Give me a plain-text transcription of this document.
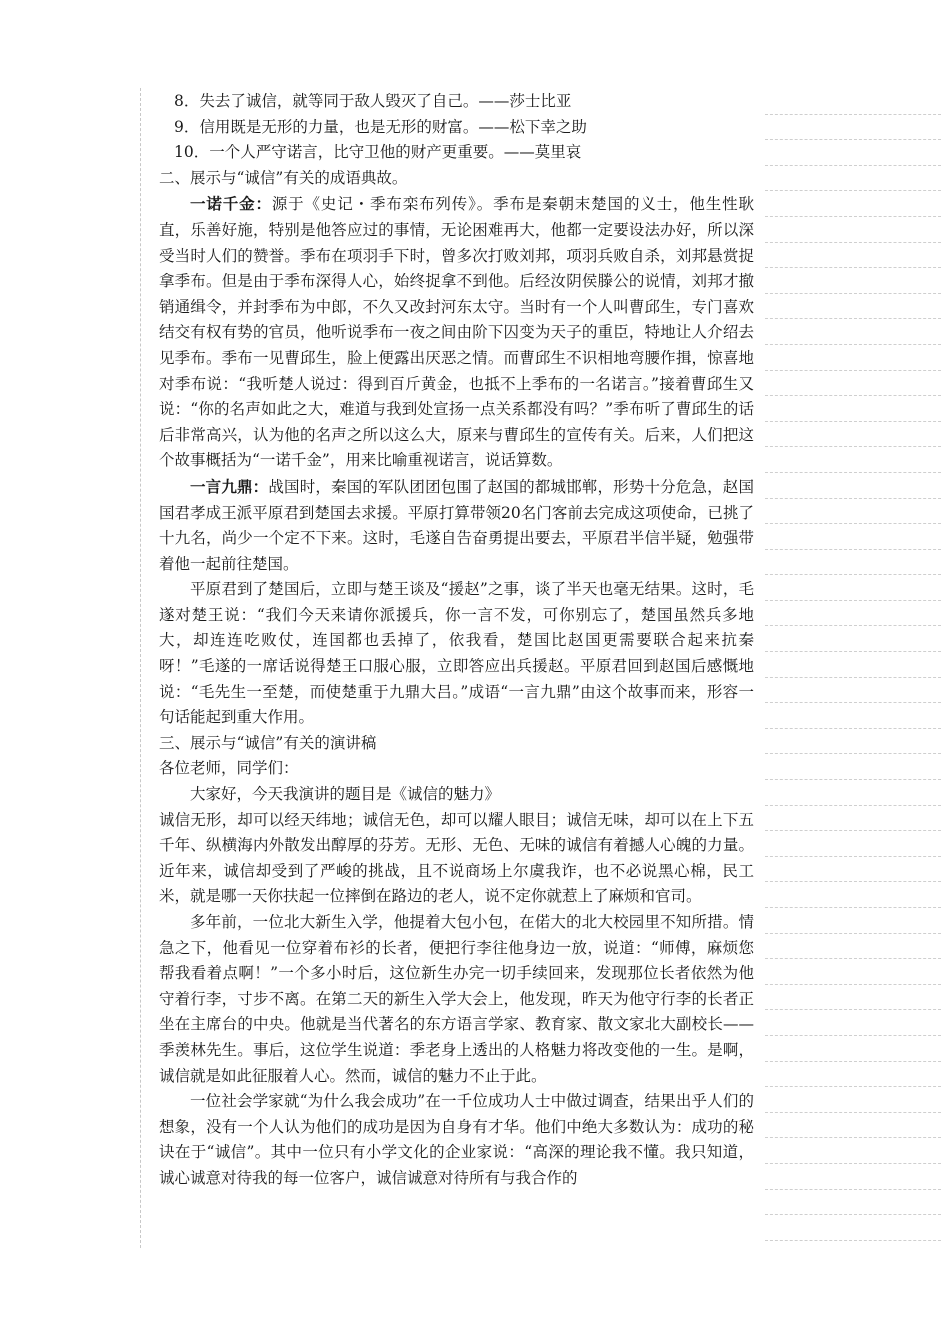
8．失去了诚信，就等同于敌人毁灭了自己。——莎士比亚

9．信用既是无形的力量，也是无形的财富。——松下幸之助

10．一个人严守诺言，比守卫他的财产更重要。——莫里哀

二、展示与“诚信”有关的成语典故。

一诺千金：源于《史记・季布栾布列传》。季布是秦朝末楚国的义士，他生性耿直，乐善好施，特别是他答应过的事情，无论困难再大，他都一定要设法办好，所以深受当时人们的赞誉。季布在项羽手下时，曾多次打败刘邦，项羽兵败自杀，刘邦悬赏捉拿季布。但是由于季布深得人心，始终捉拿不到他。后经汝阴侯滕公的说情，刘邦才撤销通缉令，并封季布为中郎，不久又改封河东太守。当时有一个人叫曹邱生，专门喜欢结交有权有势的官员，他听说季布一夜之间由阶下囚变为天子的重臣，特地让人介绍去见季布。季布一见曹邱生，脸上便露出厌恶之情。而曹邱生不识相地弯腰作揖，惊喜地对季布说：“我听楚人说过：得到百斤黄金，也抵不上季布的一名诺言。”接着曹邱生又说：“你的名声如此之大，难道与我到处宣扬一点关系都没有吗？”季布听了曹邱生的话后非常高兴，认为他的名声之所以这么大，原来与曹邱生的宣传有关。后来，人们把这个故事概括为“一诺千金”，用来比喻重视诺言，说话算数。

一言九鼎：战国时，秦国的军队团团包围了赵国的都城邯郸，形势十分危急，赵国国君孝成王派平原君到楚国去求援。平原打算带领20名门客前去完成这项使命，已挑了十九名，尚少一个定不下来。这时，毛遂自告奋勇提出要去，平原君半信半疑，勉强带着他一起前往楚国。

平原君到了楚国后，立即与楚王谈及“援赵”之事，谈了半天也毫无结果。这时，毛遂对楚王说：“我们今天来请你派援兵，你一言不发，可你别忘了，楚国虽然兵多地大，却连连吃败仗，连国都也丢掉了，依我看，楚国比赵国更需要联合起来抗秦呀！”毛遂的一席话说得楚王口服心服，立即答应出兵援赵。平原君回到赵国后感慨地说：“毛先生一至楚，而使楚重于九鼎大吕。”成语“一言九鼎”由这个故事而来，形容一句话能起到重大作用。

三、展示与“诚信”有关的演讲稿

各位老师，同学们：

大家好，今天我演讲的题目是《诚信的魅力》

诚信无形，却可以经天纬地；诚信无色，却可以耀人眼目；诚信无味，却可以在上下五千年、纵横海内外散发出醇厚的芬芳。无形、无色、无味的诚信有着撼人心魄的力量。近年来，诚信却受到了严峻的挑战，且不说商场上尔虞我诈，也不必说黑心棉，民工米，就是哪一天你扶起一位摔倒在路边的老人，说不定你就惹上了麻烦和官司。

多年前，一位北大新生入学，他提着大包小包，在偌大的北大校园里不知所措。情急之下，他看见一位穿着布衫的长者，便把行李往他身边一放，说道：“师傅，麻烦您帮我看着点啊！”一个多小时后，这位新生办完一切手续回来，发现那位长者依然为他守着行李，寸步不离。在第二天的新生入学大会上，他发现，昨天为他守行李的长者正坐在主席台的中央。他就是当代著名的东方语言学家、教育家、散文家北大副校长——季羡林先生。事后，这位学生说道：季老身上透出的人格魅力将改变他的一生。是啊，诚信就是如此征服着人心。然而，诚信的魅力不止于此。

一位社会学家就“为什么我会成功”在一千位成功人士中做过调查，结果出乎人们的想象，没有一个人认为他们的成功是因为自身有才华。他们中绝大多数认为：成功的秘诀在于“诚信”。其中一位只有小学文化的企业家说：“高深的理论我不懂。我只知道，诚心诚意对待我的每一位客户，诚信诚意对待所有与我合作的
